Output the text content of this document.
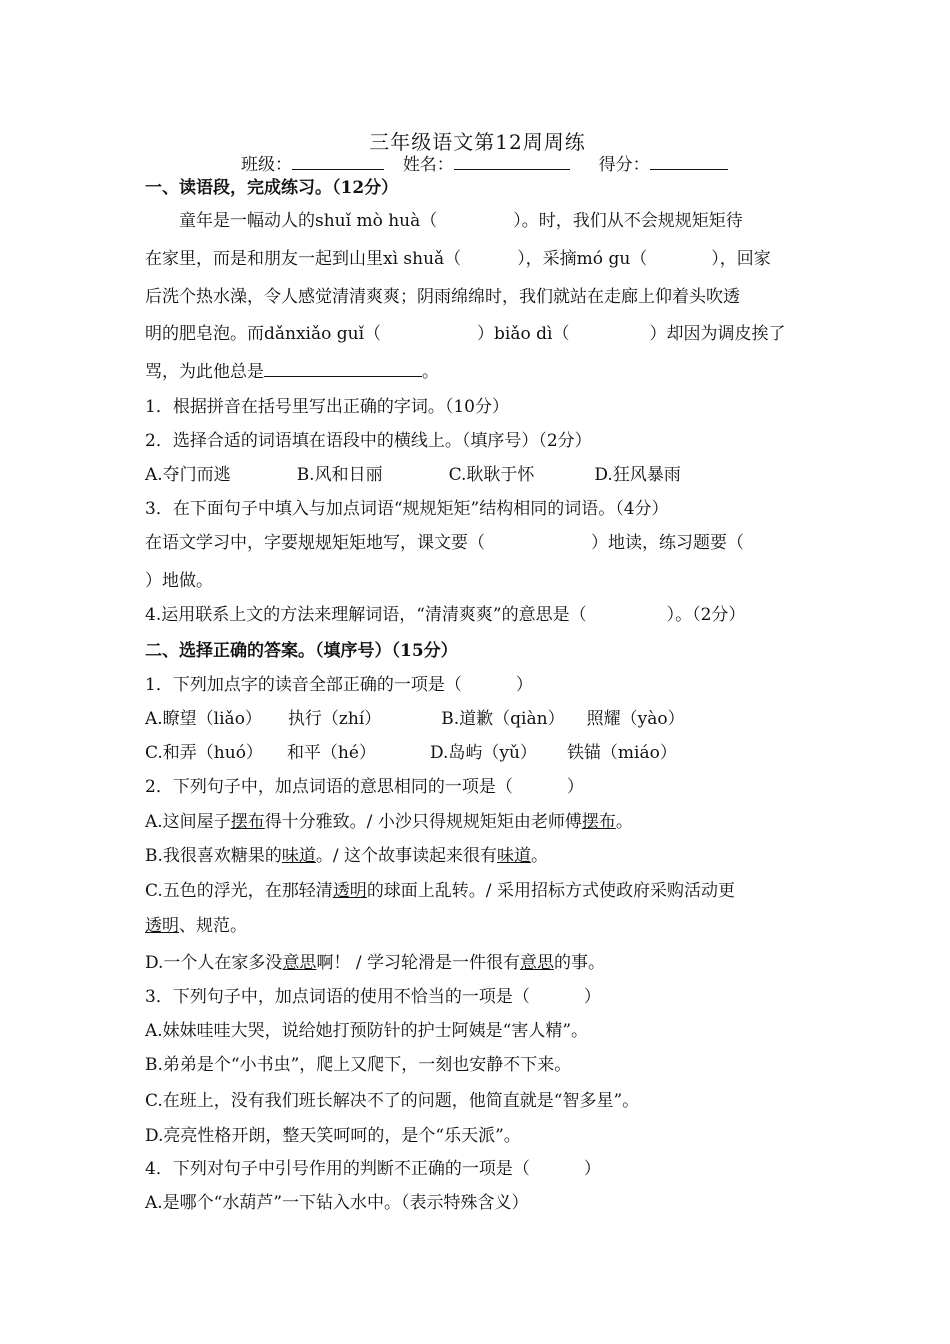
三年级语文第12周周练
班级：	姓名：	得分：
一、读语段，完成练习。（12分）
童年是一幅动人的shuǐ mò huà（	）。时，我们从不会规规矩矩待
在家里，而是和朋友一起到山里xì shuǎ（	），采摘mó gu（	），回家
后洗个热水澡，令人感觉清清爽爽；阴雨绵绵时，我们就站在走廊上仰着头吹透
明的肥皂泡。而dǎnxiǎo guǐ（	）biǎo dì（	）却因为调皮挨了
骂，为此他总是	。
1．根据拼音在括号里写出正确的字词。（10分）
2．选择合适的词语填在语段中的横线上。（填序号）（2分）
A.夺门而逃	B.风和日丽	C.耿耿于怀	D.狂风暴雨
3．在下面句子中填入与加点词语“规规矩矩”结构相同的词语。（4分）
在语文学习中，字要规规矩矩地写，课文要（	）地读，练习题要（
）地做。
4.运用联系上文的方法来理解词语，“清清爽爽”的意思是（	）。（2分）
二、选择正确的答案。（填序号）（15分）
1．下列加点字的读音全部正确的一项是（	）
A.瞭望（liǎo） 执行（zhí）	B.道歉（qiàn） 照耀（yào）
C.和弄（huó） 和平（hé）	D.岛屿（yǔ） 铁锚（miáo）
2．下列句子中，加点词语的意思相同的一项是（	）
A.这间屋子摆布得十分雅致。/ 小沙只得规规矩矩由老师傅摆布。
B.我很喜欢糖果的味道。/ 这个故事读起来很有味道。
C.五色的浮光，在那轻清透明的球面上乱转。/ 采用招标方式使政府采购活动更
透明、规范。
D.一个人在家多没意思啊！ / 学习轮滑是一件很有意思的事。
3．下列句子中，加点词语的使用不恰当的一项是（	）
A.妹妹哇哇大哭，说给她打预防针的护士阿姨是“害人精”。
B.弟弟是个“小书虫”，爬上又爬下，一刻也安静不下来。
C.在班上，没有我们班长解决不了的问题，他简直就是“智多星”。
D.亮亮性格开朗，整天笑呵呵的，是个“乐天派”。
4．下列对句子中引号作用的判断不正确的一项是（	）
A.是哪个“水葫芦”一下钻入水中。（表示特殊含义）
